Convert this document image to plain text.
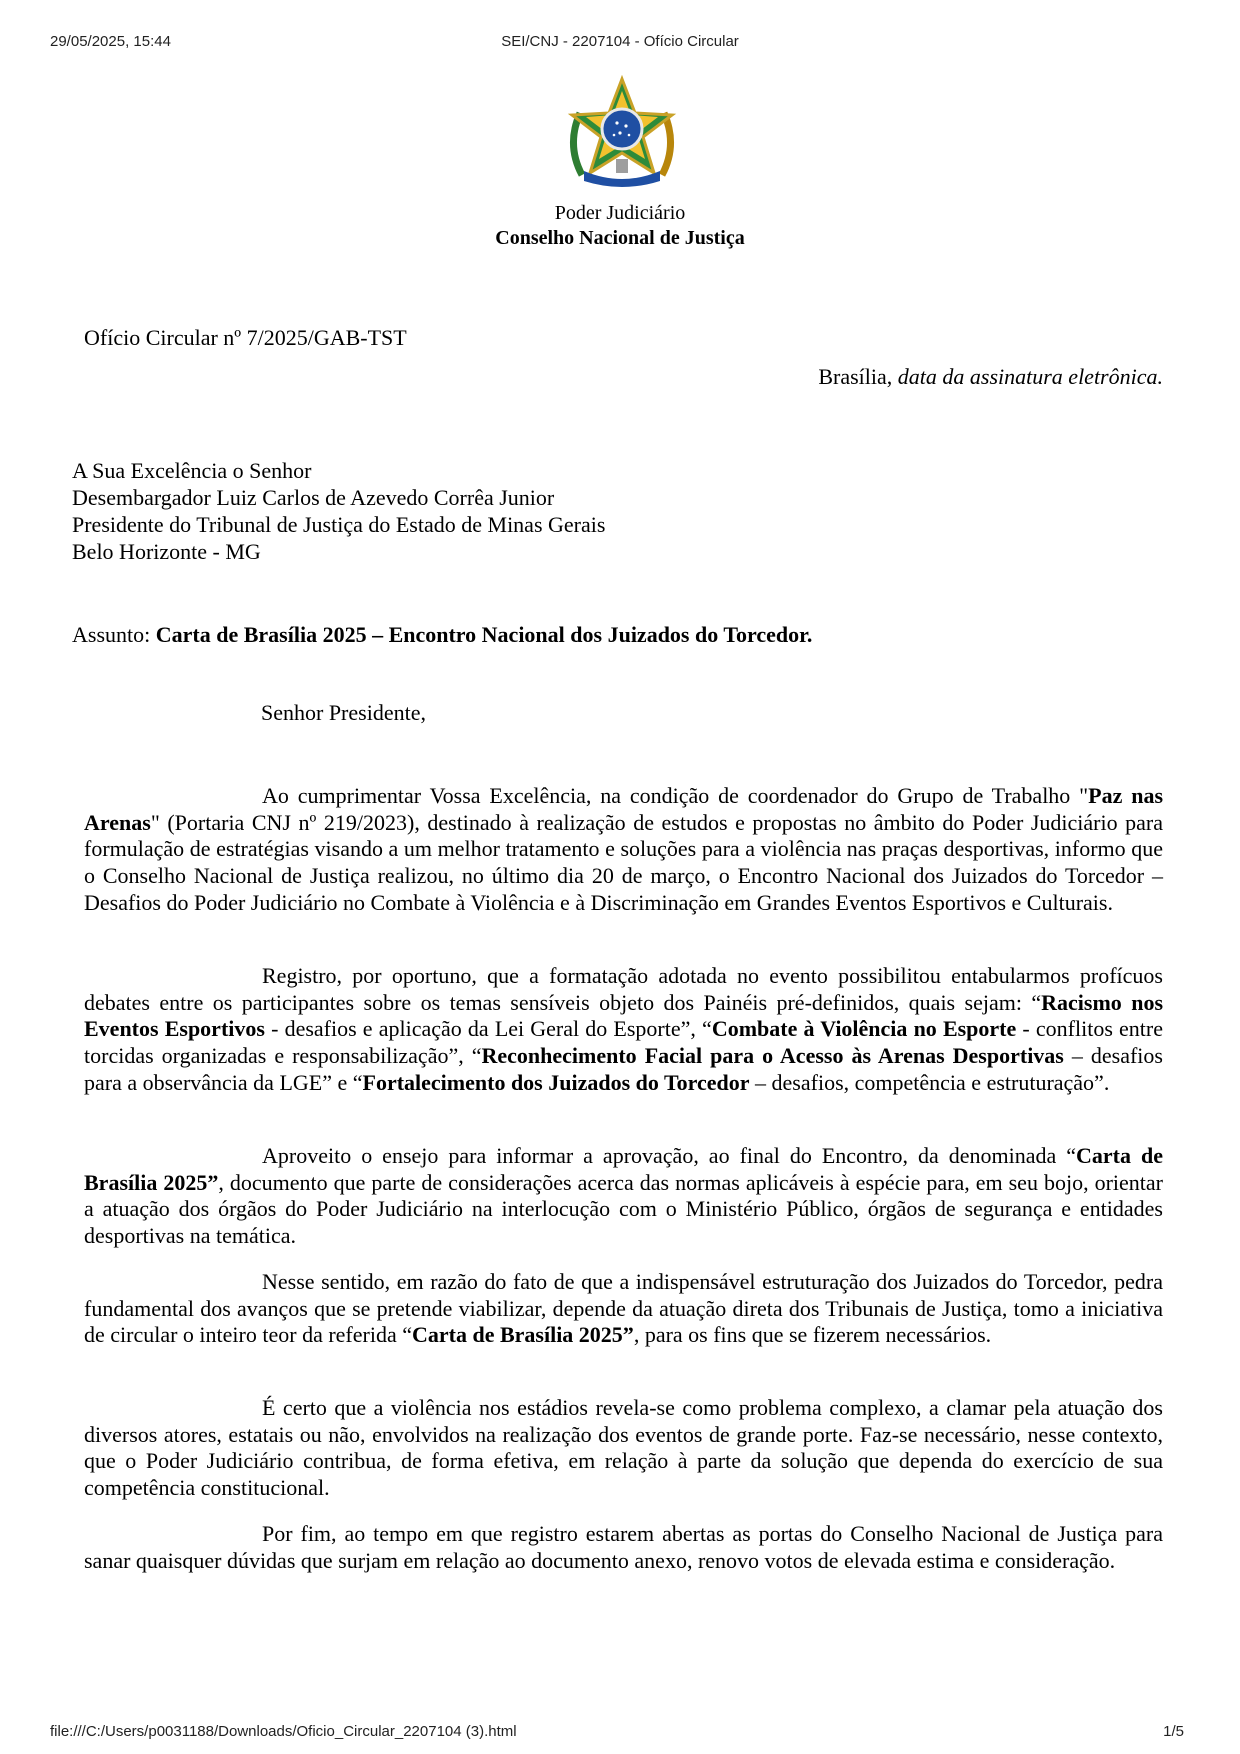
29/05/2025, 15:44	SEI/CNJ - 2207104 - Ofício Circular
Poder Judiciário
Conselho Nacional de Justiça
Ofício Circular nº 7/2025/GAB-TST
Brasília, data da assinatura eletrônica.
A Sua Excelência o Senhor
Desembargador Luiz Carlos de Azevedo Corrêa Junior
Presidente do Tribunal de Justiça do Estado de Minas Gerais
Belo Horizonte - MG
Assunto: Carta de Brasília 2025 – Encontro Nacional dos Juizados do Torcedor.
Senhor Presidente,

Ao cumprimentar Vossa Excelência, na condição de coordenador do Grupo de Trabalho "Paz nas Arenas" (Portaria CNJ nº 219/2023), destinado à realização de estudos e propostas no âmbito do Poder Judiciário para formulação de estratégias visando a um melhor tratamento e soluções para a violência nas praças desportivas, informo que o Conselho Nacional de Justiça realizou, no último dia 20 de março, o Encontro Nacional dos Juizados do Torcedor – Desafios do Poder Judiciário no Combate à Violência e à Discriminação em Grandes Eventos Esportivos e Culturais.

Registro, por oportuno, que a formatação adotada no evento possibilitou entabularmos profícuos debates entre os participantes sobre os temas sensíveis objeto dos Painéis pré-definidos, quais sejam: “Racismo nos Eventos Esportivos - desafios e aplicação da Lei Geral do Esporte”, “Combate à Violência no Esporte - conflitos entre torcidas organizadas e responsabilização”, “Reconhecimento Facial para o Acesso às Arenas Desportivas – desafios para a observância da LGE” e “Fortalecimento dos Juizados do Torcedor – desafios, competência e estruturação”.

Aproveito o ensejo para informar a aprovação, ao final do Encontro, da denominada “Carta de Brasília 2025”, documento que parte de considerações acerca das normas aplicáveis à espécie para, em seu bojo, orientar a atuação dos órgãos do Poder Judiciário na interlocução com o Ministério Público, órgãos de segurança e entidades desportivas na temática.

Nesse sentido, em razão do fato de que a indispensável estruturação dos Juizados do Torcedor, pedra fundamental dos avanços que se pretende viabilizar, depende da atuação direta dos Tribunais de Justiça, tomo a iniciativa de circular o inteiro teor da referida “Carta de Brasília 2025”, para os fins que se fizerem necessários.

É certo que a violência nos estádios revela-se como problema complexo, a clamar pela atuação dos diversos atores, estatais ou não, envolvidos na realização dos eventos de grande porte. Faz-se necessário, nesse contexto, que o Poder Judiciário contribua, de forma efetiva, em relação à parte da solução que dependa do exercício de sua competência constitucional.

Por fim, ao tempo em que registro estarem abertas as portas do Conselho Nacional de Justiça para sanar quaisquer dúvidas que surjam em relação ao documento anexo, renovo votos de elevada estima e consideração.

file:///C:/Users/p0031188/Downloads/Oficio_Circular_2207104 (3).html	1/5
